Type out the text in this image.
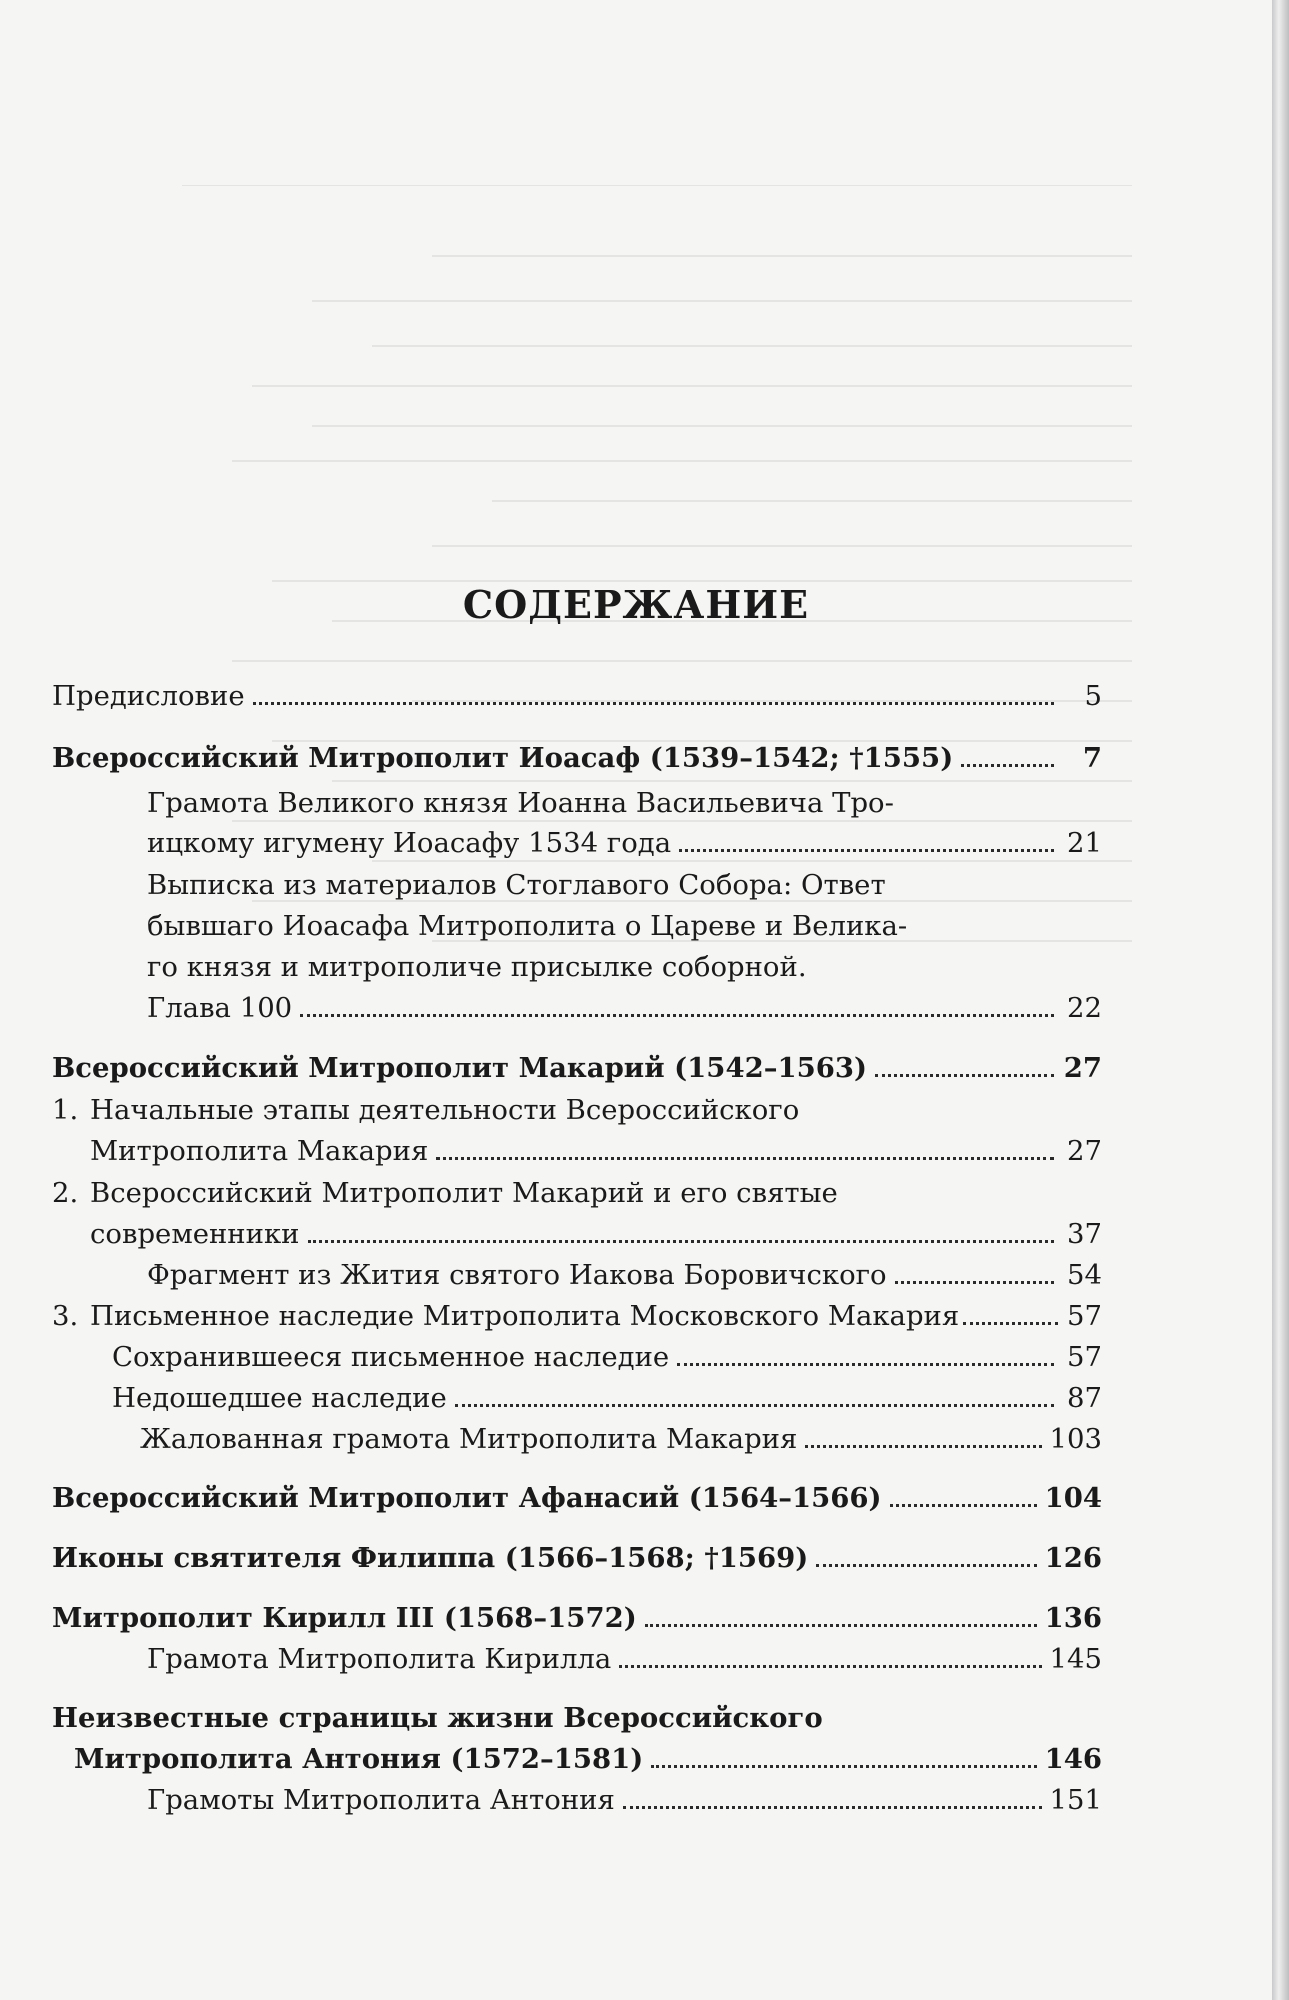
СОДЕРЖАНИЕ
Предисловие	5
Всероссийский Митрополит Иоасаф (1539–1542; †1555)	7
Грамота Великого князя Иоанна Васильевича Тро-
ицкому игумену Иоасафу 1534 года	21
Выписка из материалов Стоглавого Собора: Ответ
бывшаго Иоасафа Митрополита о Цареве и Велика-
го князя и митрополиче присылке соборной.
Глава 100	22
Всероссийский Митрополит Макарий (1542–1563)	27
1. Начальные этапы деятельности Всероссийского
Митрополита Макария	27
2. Всероссийский Митрополит Макарий и его святые
современники	37
Фрагмент из Жития святого Иакова Боровичского	54
3. Письменное наследие Митрополита Московского Макария	57
Сохранившееся письменное наследие	57
Недошедшее наследие	87
Жалованная грамота Митрополита Макария	103
Всероссийский Митрополит Афанасий (1564–1566)	104
Иконы святителя Филиппа (1566–1568; †1569)	126
Митрополит Кирилл III (1568–1572)	136
Грамота Митрополита Кирилла	145
Неизвестные страницы жизни Всероссийского
Митрополита Антония (1572–1581)	146
Грамоты Митрополита Антония	151
